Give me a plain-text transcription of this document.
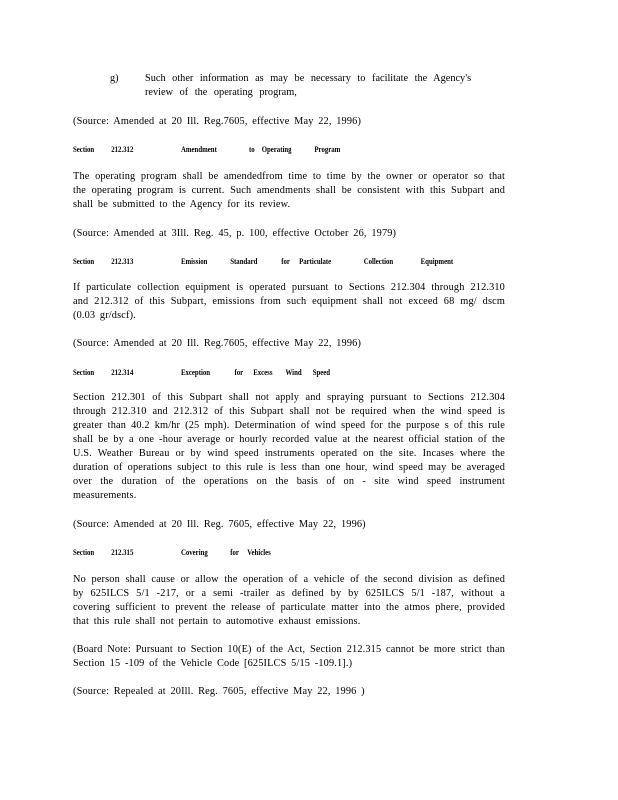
g)	Such other information as may be necessary to facilitate the Agency's review of the operating program,

(Source: Amended at 20 Ill. Reg.7605, effective May 22, 1996)

Section 212.312	Amendment	to Operating	Program

The operating program shall be amendedfrom time to time by the owner or operator so that the operating program is current. Such amendments shall be consistent with this Subpart and shall be submitted to the Agency for its review.

(Source: Amended at 3Ill. Reg. 45, p. 100, effective October 26, 1979)

Section 212.313	Emission	Standard	for Particulate	Collection	Equipment

If particulate collection equipment is operated pursuant to Sections 212.304 through 212.310 and 212.312 of this Subpart, emissions from such equipment shall not exceed 68 mg/ dscm (0.03 gr/dscf).

(Source: Amended at 20 Ill. Reg.7605, effective May 22, 1996)

Section 212.314	Exception	for Excess Wind Speed

Section 212.301 of this Subpart shall not apply and spraying pursuant to Sections 212.304 through 212.310 and 212.312 of this Subpart shall not be required when the wind speed is greater than 40.2 km/hr (25 mph). Determination of wind speed for the purpose s of this rule shall be by a one -hour average or hourly recorded value at the nearest official station of the U.S. Weather Bureau or by wind speed instruments operated on the site. Incases where the duration of operations subject to this rule is less than one hour, wind speed may be averaged over the duration of the operations on the basis of on - site wind speed instrument measurements.

(Source: Amended at 20 Ill. Reg. 7605, effective May 22, 1996)

Section 212.315	Covering	for Vehicles

No person shall cause or allow the operation of a vehicle of the second division as defined by 625ILCS 5/1 -217, or a semi -trailer as defined by by 625ILCS 5/1 -187, without a covering sufficient to prevent the release of particulate matter into the atmos phere, provided that this rule shall not pertain to automotive exhaust emissions.

(Board Note: Pursuant to Section 10(E) of the Act, Section 212.315 cannot be more strict than Section 15 -109 of the Vehicle Code [625ILCS 5/15 -109.1].)

(Source: Repealed at 20Ill. Reg. 7605, effective May 22, 1996 )
